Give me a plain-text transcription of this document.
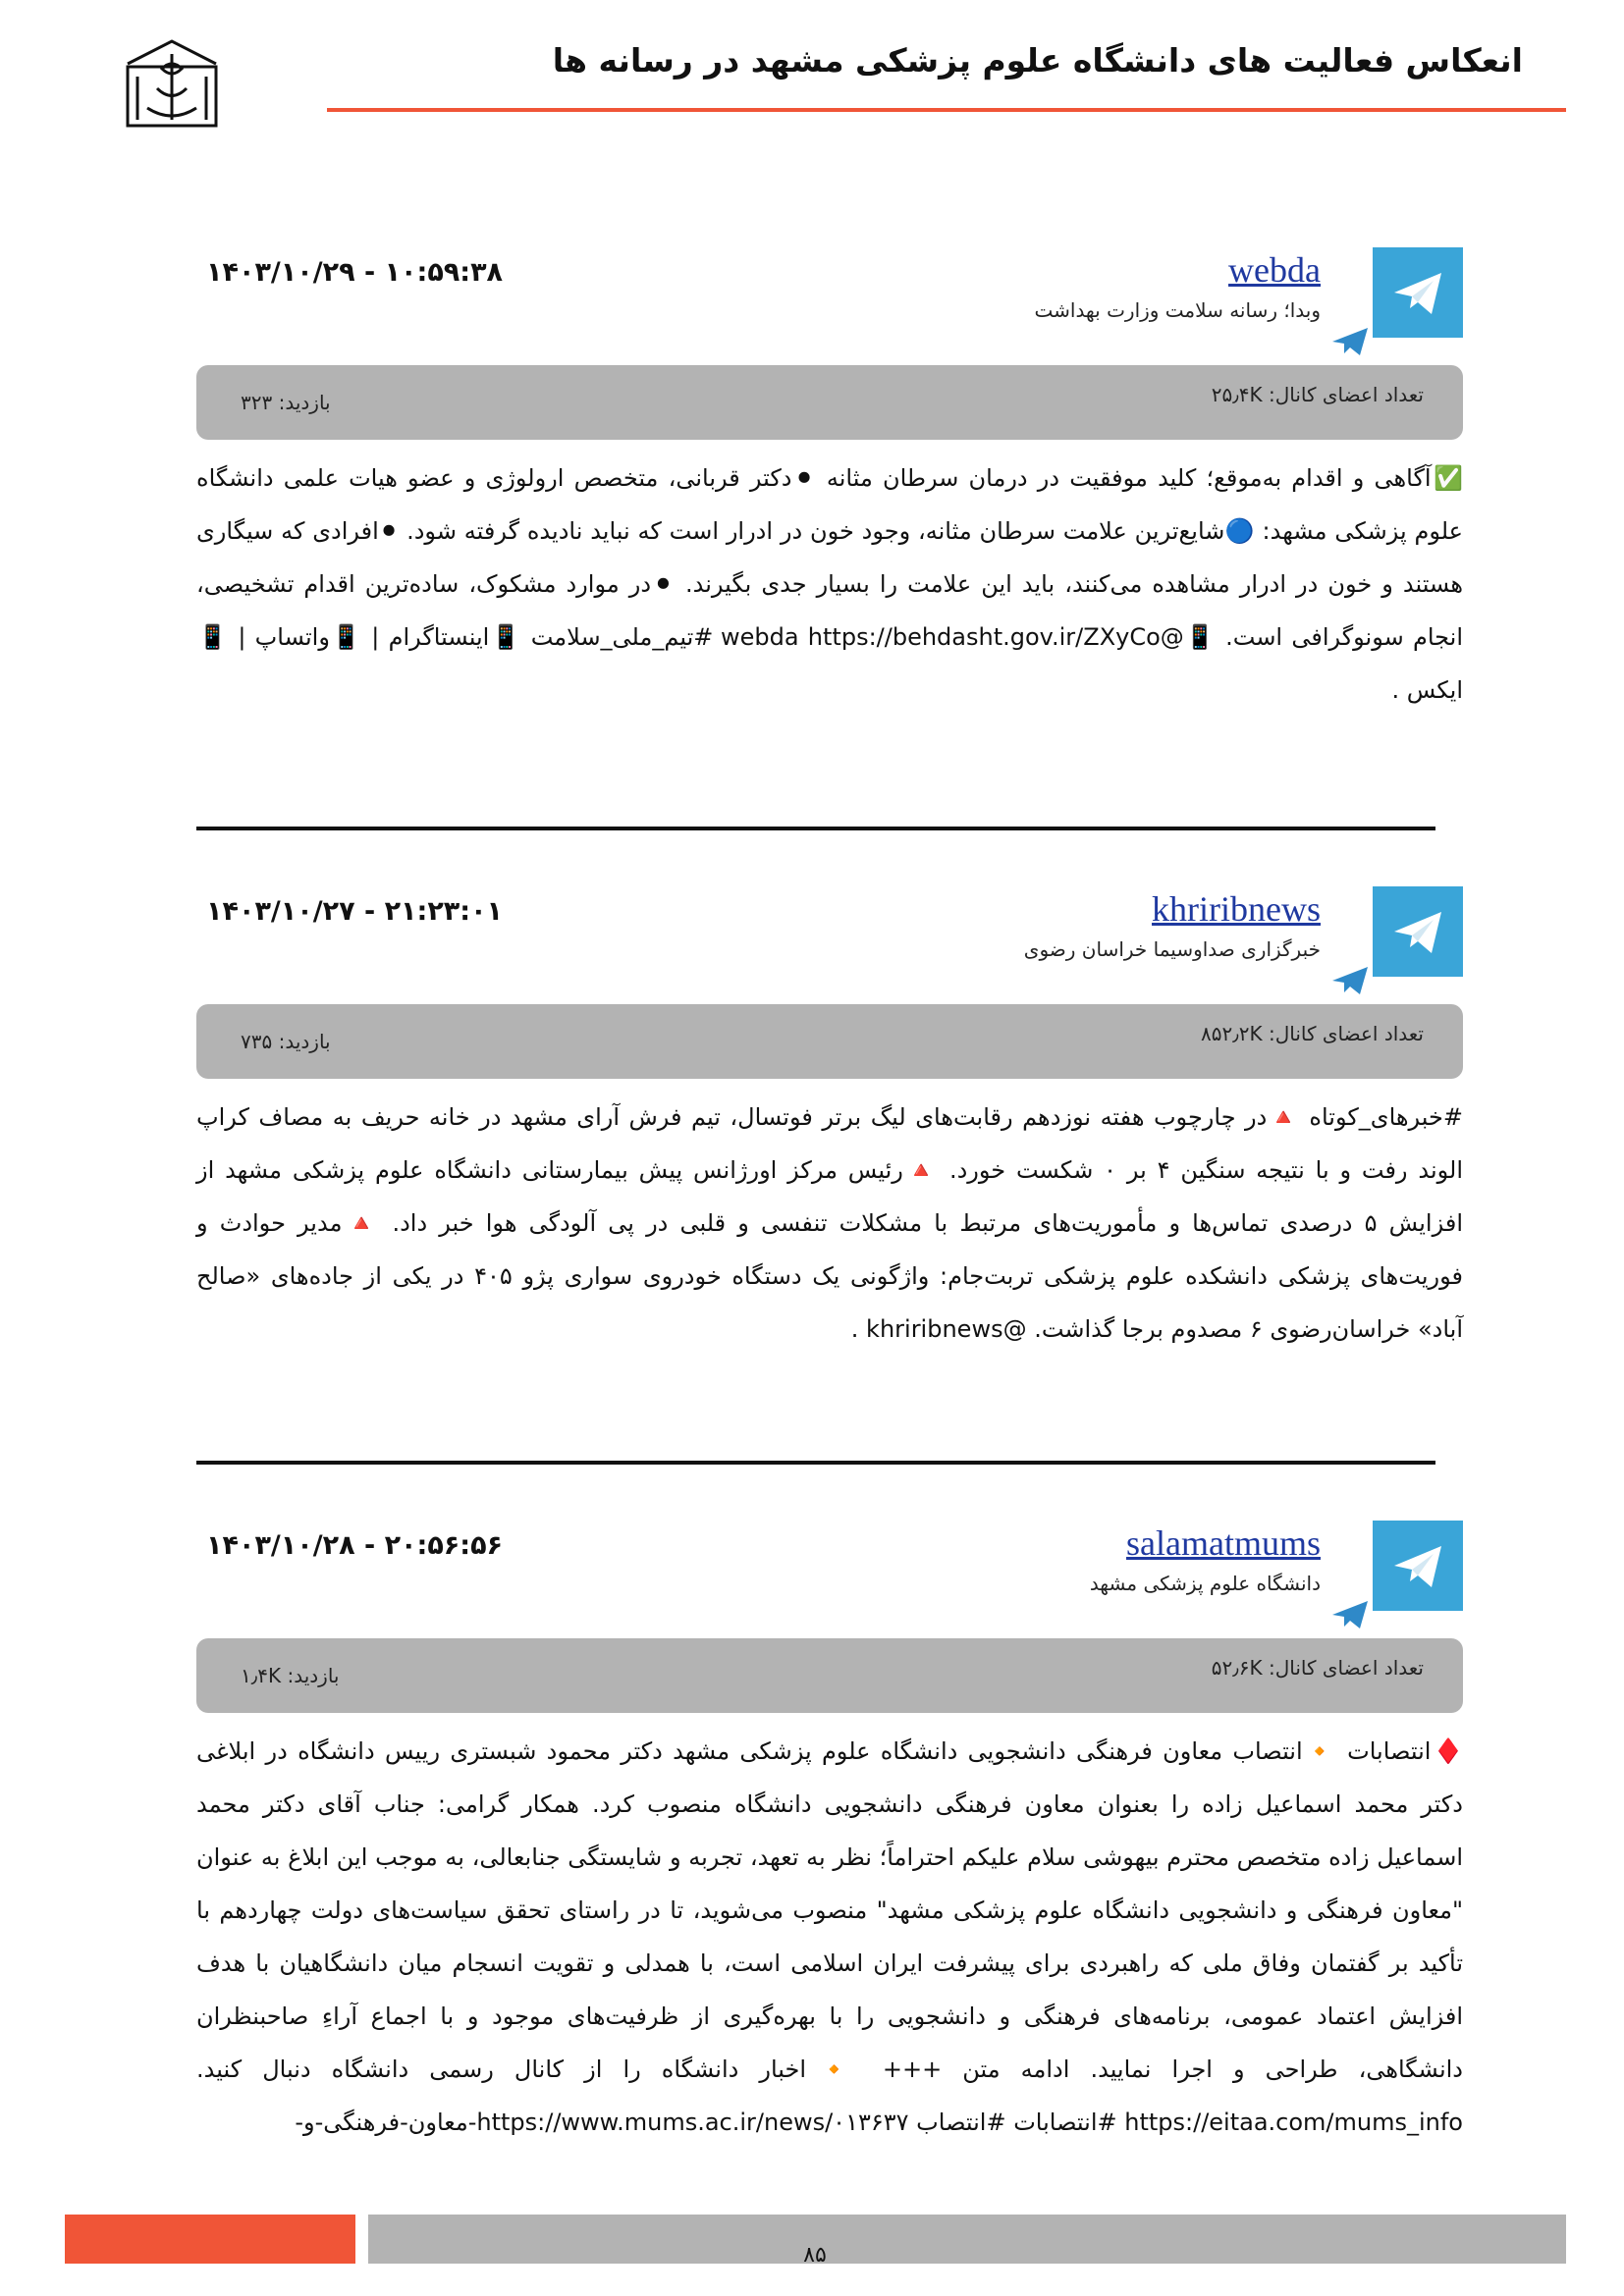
انعکاس فعالیت های دانشگاه علوم پزشکی مشهد در رسانه ها
webda
وبدا؛ رسانه سلامت وزارت بهداشت
۱۴۰۳/۱۰/۲۹ - ۱۰:۵۹:۳۸
تعداد اعضای کانال: ۲۵٫۴K
بازدید: ۳۲۳
✅آگاهی و اقدام به‌موقع؛ کلید موفقیت در درمان سرطان مثانه ⚫دکتر قربانی، متخصص ارولوژی و عضو هیات علمی دانشگاه علوم پزشکی مشهد: 🔵شایع‌ترین علامت سرطان مثانه، وجود خون در ادرار است که نباید نادیده گرفته شود. ⚫افرادی که سیگاری هستند و خون در ادرار مشاهده می‌کنند، باید این علامت را بسیار جدی بگیرند. ⚫در موارد مشکوک، ساده‌ترین اقدام تشخیصی، انجام سونوگرافی است. 📱@webda https://behdasht.gov.ir/ZXyCo #تیم_ملی_سلامت 📱اینستاگرام | 📱واتساپ | 📱ایکس .
khriribnews
خبرگزاری صداوسیما خراسان رضوی
۱۴۰۳/۱۰/۲۷ - ۲۱:۲۳:۰۱
تعداد اعضای کانال: ۸۵۲٫۲K
بازدید: ۷۳۵
#خبرهای_کوتاه 🔺در چارچوب هفته نوزدهم رقابت‌های لیگ برتر فوتسال، تیم فرش آرای مشهد در خانه حریف به مصاف کراپ الوند رفت و با نتیجه سنگین ۴ بر ۰ شکست خورد. 🔺رئیس مرکز اورژانس پیش بیمارستانی دانشگاه علوم پزشکی مشهد از افزایش ۵ درصدی تماس‌ها و مأموریت‌های مرتبط با مشکلات تنفسی و قلبی در پی آلودگی هوا خبر داد. 🔺مدیر حوادث و فوریت‌های پزشکی دانشکده علوم پزشکی تربت‌جام: واژگونی یک دستگاه خودروی سواری پژو ۴۰۵ در یکی از جاده‌های «صالح آباد» خراسان‌رضوی ۶ مصدوم برجا گذاشت. @khriribnews .
salamatmums
دانشگاه علوم پزشکی مشهد
۱۴۰۳/۱۰/۲۸ - ۲۰:۵۶:۵۶
تعداد اعضای کانال: ۵۲٫۶K
بازدید: ۱٫۴K
♦️انتصابات 🔸انتصاب معاون فرهنگی دانشجویی دانشگاه علوم پزشکی مشهد دکتر محمود شبستری رییس دانشگاه در ابلاغی دکتر محمد اسماعیل زاده را بعنوان معاون فرهنگی دانشجویی دانشگاه منصوب کرد. همکار گرامی: جناب آقای دکتر محمد اسماعیل زاده متخصص محترم بیهوشی سلام علیکم احتراماً؛ نظر به تعهد، تجربه و شایستگی جنابعالی، به موجب این ابلاغ به عنوان "معاون فرهنگی و دانشجویی دانشگاه علوم پزشکی مشهد" منصوب می‌شوید، تا در راستای تحقق سیاست‌های دولت چهاردهم با تأکید بر گفتمان وفاق ملی که راهبردی برای پیشرفت ایران اسلامی است، با همدلی و تقویت انسجام میان دانشگاهیان با هدف افزایش اعتماد عمومی، برنامه‌های فرهنگی و دانشجویی را با بهره‌گیری از ظرفیت‌های موجود و با اجماع آراءِ صاحبنظران دانشگاهی، طراحی و اجرا نمایید. ادامه متن +++ 🔸اخبار دانشگاه را از کانال رسمی دانشگاه دنبال کنید. https://eitaa.com/mums_info #انتصابات #انتصاب https://www.mums.ac.ir/news/۰۱۳۶۳۷-معاون-فرهنگی-و-
۸۵
